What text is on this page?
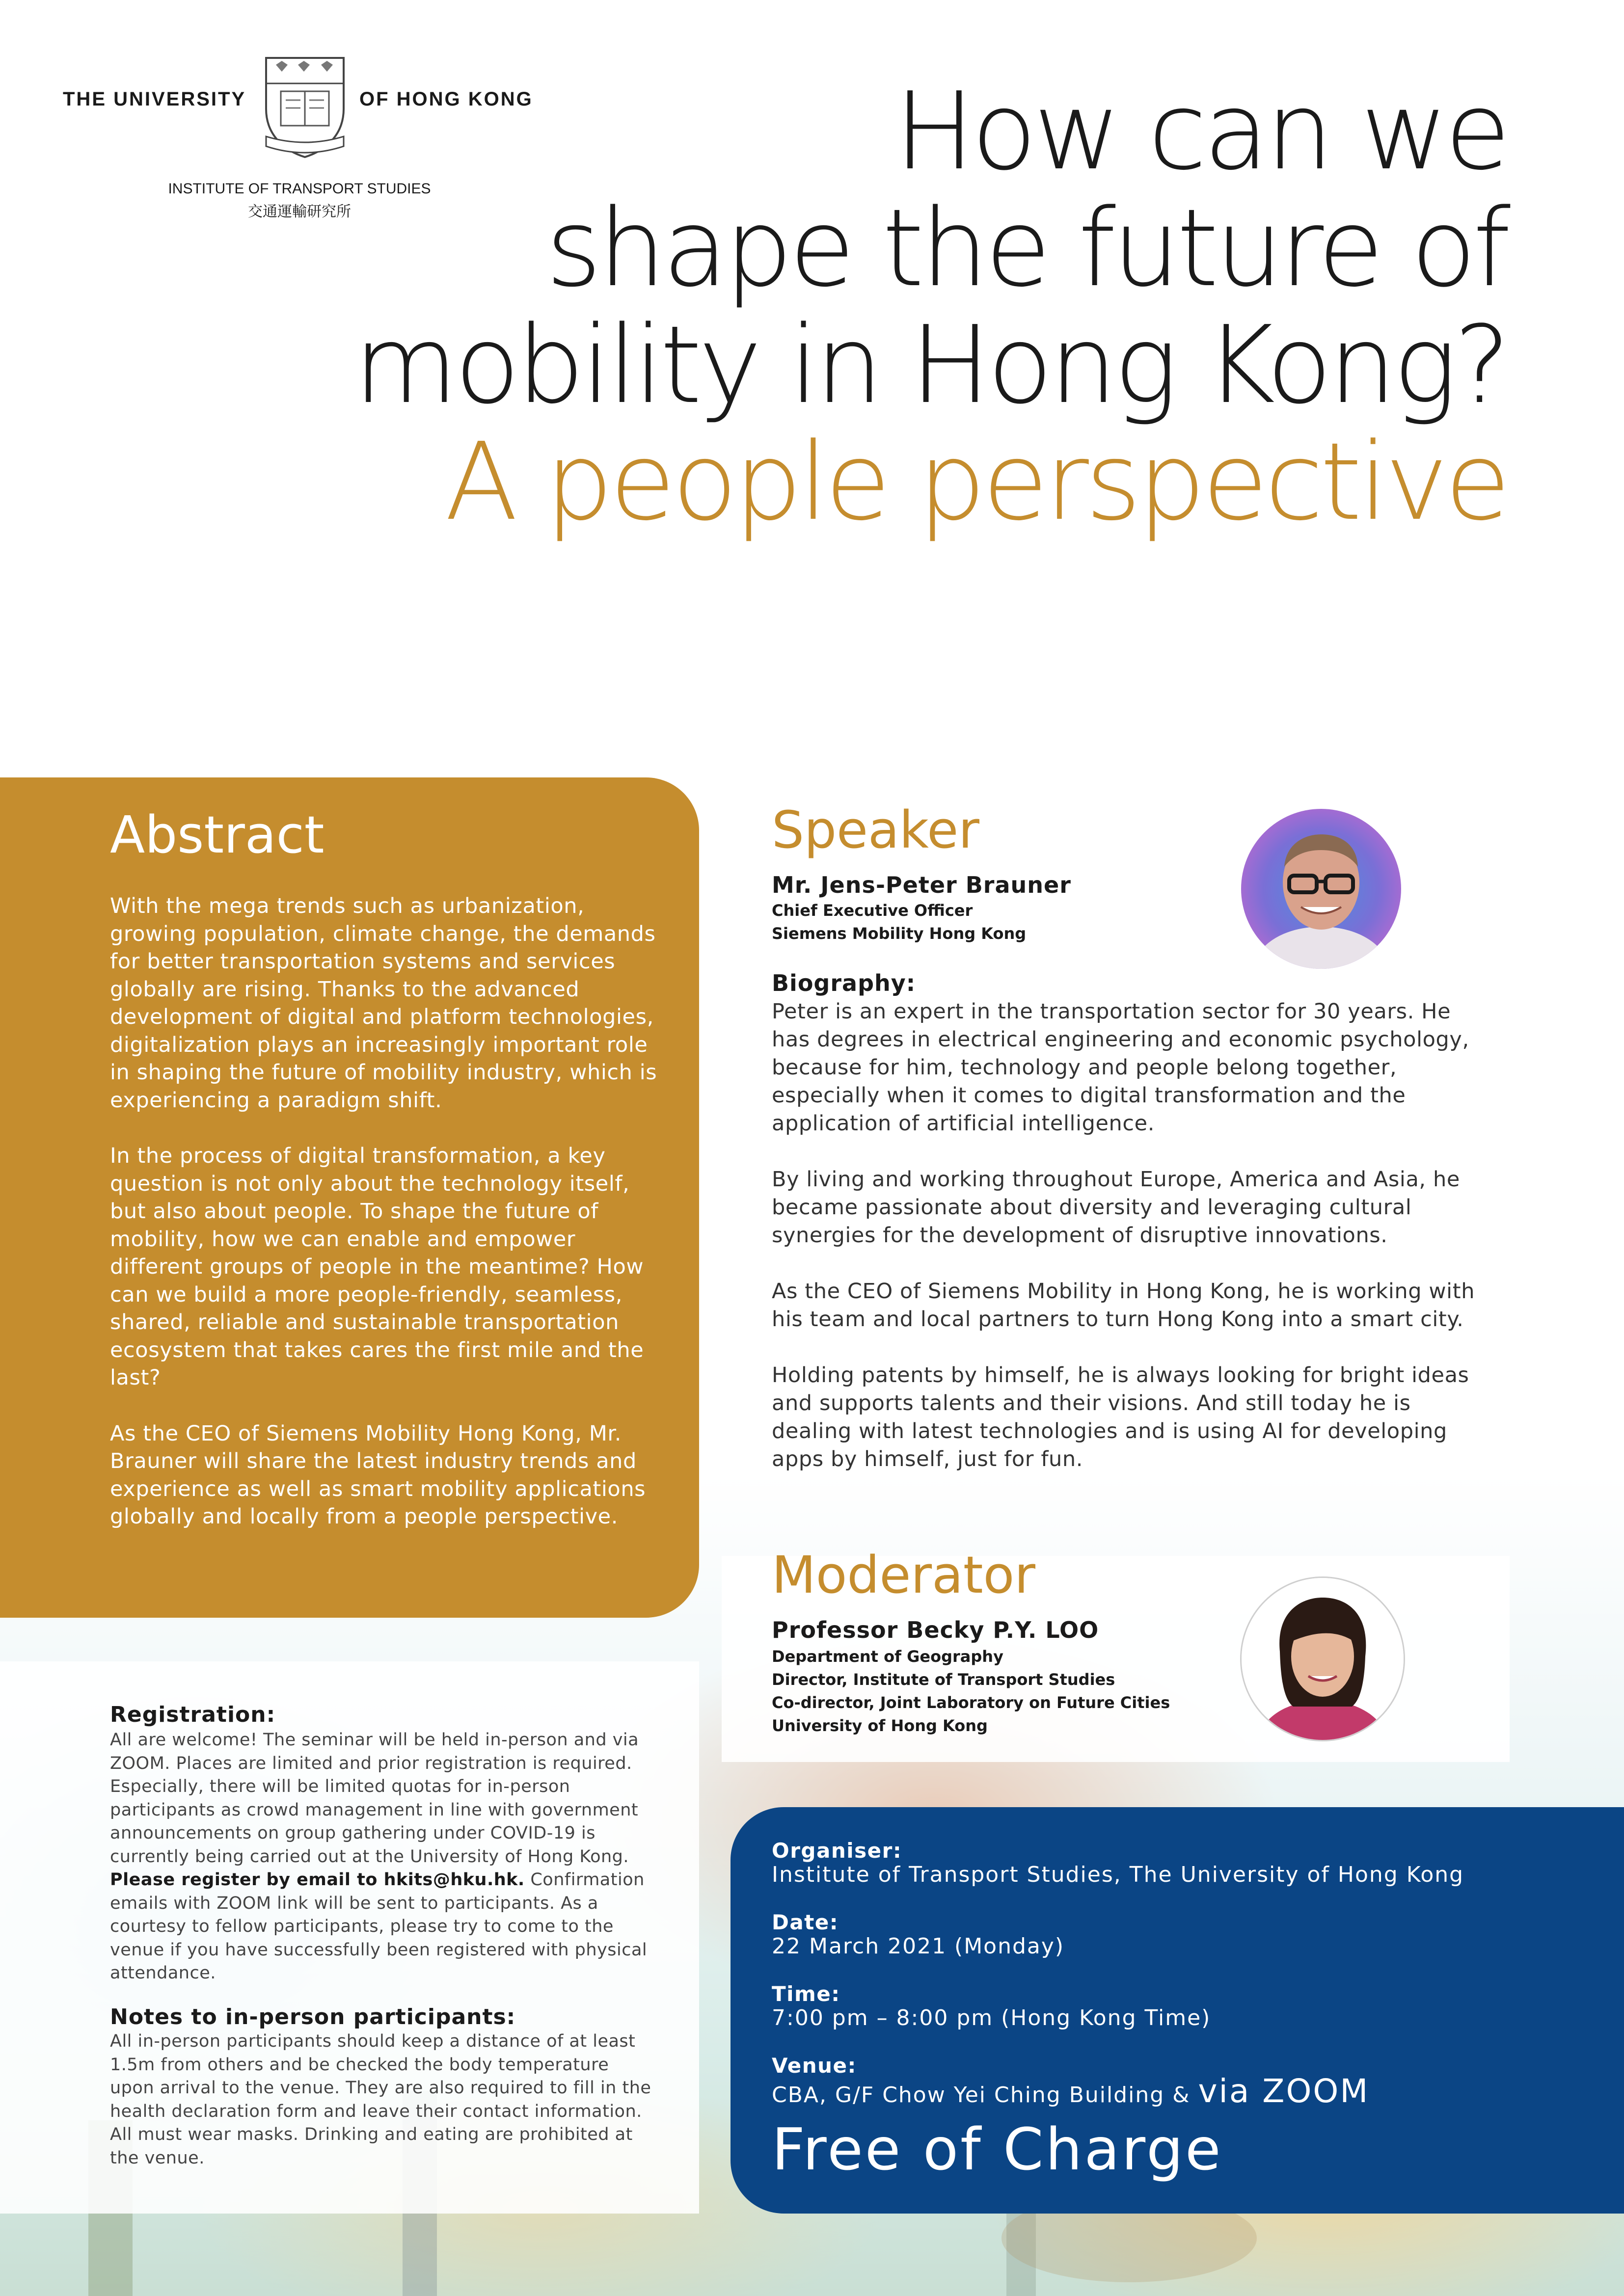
THE UNIVERSITY	OF HONG KONG
INSTITUTE OF TRANSPORT STUDIES
交通運輸研究所
How can we
shape the future of
mobility in Hong Kong?
A people perspective
Abstract

With the mega trends such as urbanization, growing population, climate change, the demands for better transportation systems and services globally are rising. Thanks to the advanced development of digital and platform technologies, digitalization plays an increasingly important role in shaping the future of mobility industry, which is experiencing a paradigm shift.

In the process of digital transformation, a key question is not only about the technology itself, but also about people. To shape the future of mobility, how we can enable and empower different groups of people in the meantime? How can we build a more people-friendly, seamless, shared, reliable and sustainable transportation ecosystem that takes cares the first mile and the last?

As the CEO of Siemens Mobility Hong Kong, Mr. Brauner will share the latest industry trends and experience as well as smart mobility applications globally and locally from a people perspective.

Speaker
Mr. Jens-Peter Brauner
Chief Executive Officer
Siemens Mobility Hong Kong
Biography:

Peter is an expert in the transportation sector for 30 years. He has degrees in electrical engineering and economic psychology, because for him, technology and people belong together, especially when it comes to digital transformation and the application of artificial intelligence.

By living and working throughout Europe, America and Asia, he became passionate about diversity and leveraging cultural synergies for the development of disruptive innovations.

As the CEO of Siemens Mobility in Hong Kong, he is working with his team and local partners to turn Hong Kong into a smart city.

Holding patents by himself, he is always looking for bright ideas and supports talents and their visions. And still today he is dealing with latest technologies and is using AI for developing apps by himself, just for fun.

Registration:
All are welcome! The seminar will be held in-person and via ZOOM. Places are limited and prior registration is required. Especially, there will be limited quotas for in-person participants as crowd management in line with government announcements on group gathering under COVID-19 is currently being carried out at the University of Hong Kong. Please register by email to hkits@hku.hk. Confirmation emails with ZOOM link will be sent to participants. As a courtesy to fellow participants, please try to come to the venue if you have successfully been registered with physical attendance.
Notes to in-person participants:
All in-person participants should keep a distance of at least 1.5m from others and be checked the body temperature upon arrival to the venue. They are also required to fill in the health declaration form and leave their contact information. All must wear masks. Drinking and eating are prohibited at the venue.
Moderator
Professor Becky P.Y. LOO
Department of Geography
Director, Institute of Transport Studies
Co-director, Joint Laboratory on Future Cities
University of Hong Kong
Organiser:
Institute of Transport Studies, The University of Hong Kong
Date:
22 March 2021 (Monday)
Time:
7:00 pm – 8:00 pm (Hong Kong Time)
Venue:
CBA, G/F Chow Yei Ching Building & via ZOOM
Free of Charge
